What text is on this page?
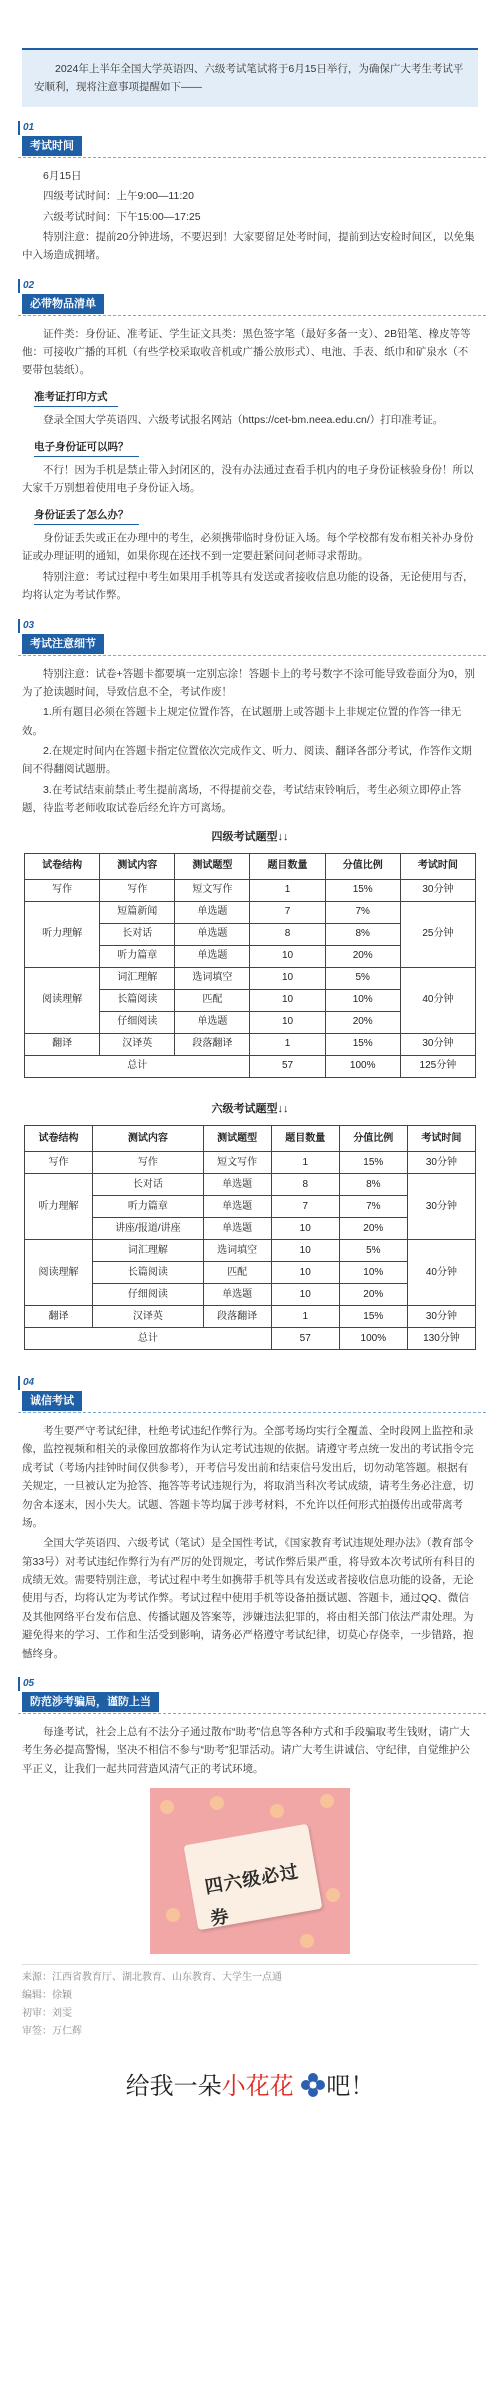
2024年上半年全国大学英语四、六级考试笔试将于6月15日举行，为确保广大考生考试平安顺利，现将注意事项提醒如下——
01
考试时间

6月15日

四级考试时间：上午9:00—11:20

六级考试时间：下午15:00—17:25

特别注意：提前20分钟进场，不要迟到！大家要留足处考时间，提前到达安检时间区，以免集中入场造成拥堵。

02
必带物品清单

证件类：身份证、准考证、学生证文具类：黑色签字笔（最好多备一支）、2B铅笔、橡皮等等他：可接收广播的耳机（有些学校采取收音机或广播公放形式）、电池、手表、纸巾和矿泉水（不要带包装纸）。

准考证打印方式

登录全国大学英语四、六级考试报名网站（https://cet-bm.neea.edu.cn/）打印准考证。

电子身份证可以吗？

不行！因为手机是禁止带入封闭区的，没有办法通过查看手机内的电子身份证核验身份！所以大家千万别想着使用电子身份证入场。

身份证丢了怎么办？

身份证丢失或正在办理中的考生，必须携带临时身份证入场。每个学校都有发布相关补办身份证或办理证明的通知，如果你现在还找不到一定要赶紧问问老师寻求帮助。

特别注意：考试过程中考生如果用手机等具有发送或者接收信息功能的设备，无论使用与否，均将认定为考试作弊。

03
考试注意细节

特别注意：试卷+答题卡都要填一定别忘涂！答题卡上的考号数字不涂可能导致卷面分为0，别为了抢读题时间，导致信息不全，考试作废！

1.所有题目必须在答题卡上规定位置作答，在试题册上或答题卡上非规定位置的作答一律无效。

2.在规定时间内在答题卡指定位置依次完成作文、听力、阅读、翻译各部分考试，作答作文期间不得翻阅试题册。

3.在考试结束前禁止考生提前离场，不得提前交卷，考试结束铃响后，考生必须立即停止答题，待监考老师收取试卷后经允许方可离场。

四级考试题型↓↓
试卷结构	测试内容	测试题型	题目数量	分值比例	考试时间
写作	写作	短文写作	1	15%	30分钟
听力理解	短篇新闻	单选题	7	7%	25分钟
	长对话	单选题	8	8%	
	听力篇章	单选题	10	20%	
阅读理解	词汇理解	选词填空	10	5%	40分钟
	长篇阅读	匹配	10	10%	
	仔细阅读	单选题	10	20%	
翻译	汉译英	段落翻译	1	15%	30分钟
总计			57	100%	125分钟
六级考试题型↓↓
试卷结构	测试内容	测试题型	题目数量	分值比例	考试时间
写作	写作	短文写作	1	15%	30分钟
听力理解	长对话	单选题	8	8%	30分钟
	听力篇章	单选题	7	7%	
	讲座/报道/讲座	单选题	10	20%	
阅读理解	词汇理解	选词填空	10	5%	40分钟
	长篇阅读	匹配	10	10%	
	仔细阅读	单选题	10	20%	
翻译	汉译英	段落翻译	1	15%	30分钟
总计			57	100%	130分钟
04
诚信考试

考生要严守考试纪律，杜绝考试违纪作弊行为。全部考场均实行全覆盖、全时段网上监控和录像，监控视频和相关的录像回放都将作为认定考试违规的依据。请遵守考点统一发出的考试指令完成考试（考场内挂钟时间仅供参考），开考信号发出前和结束信号发出后，切勿动笔答题。根据有关规定，一旦被认定为抢答、拖答等考试违规行为，将取消当科次考试成绩，请考生务必注意，切勿舍本逐末，因小失大。试题、答题卡等均属于涉考材料，不允许以任何形式拍摄传出或带离考场。

全国大学英语四、六级考试（笔试）是全国性考试，《国家教育考试违规处理办法》（教育部令第33号）对考试违纪作弊行为有严厉的处罚规定，考试作弊后果严重，将导致本次考试所有科目的成绩无效。需要特别注意，考试过程中考生如携带手机等具有发送或者接收信息功能的设备，无论使用与否，均将认定为考试作弊。考试过程中使用手机等设备拍摄试题、答题卡，通过QQ、微信及其他网络平台发布信息、传播试题及答案等，涉嫌违法犯罪的，将由相关部门依法严肃处理。为避免得来的学习、工作和生活受到影响，请务必严格遵守考试纪律，切莫心存侥幸，一步错路，抱憾终身。

05
防范涉考骗局，谨防上当

每逢考试，社会上总有不法分子通过散布“助考”信息等各种方式和手段骗取考生钱财，请广大考生务必提高警惕，坚决不相信不参与“助考”犯罪活动。请广大考生讲诚信、守纪律，自觉维护公平正义，让我们一起共同营造风清气正的考试环境。

四六级必过券
来源：江西省教育厅、湖北教育、山东教育、大学生一点通
编辑：徐颖
初审：刘雯
审签：万仁辉
给我一朵小花花 吧！
